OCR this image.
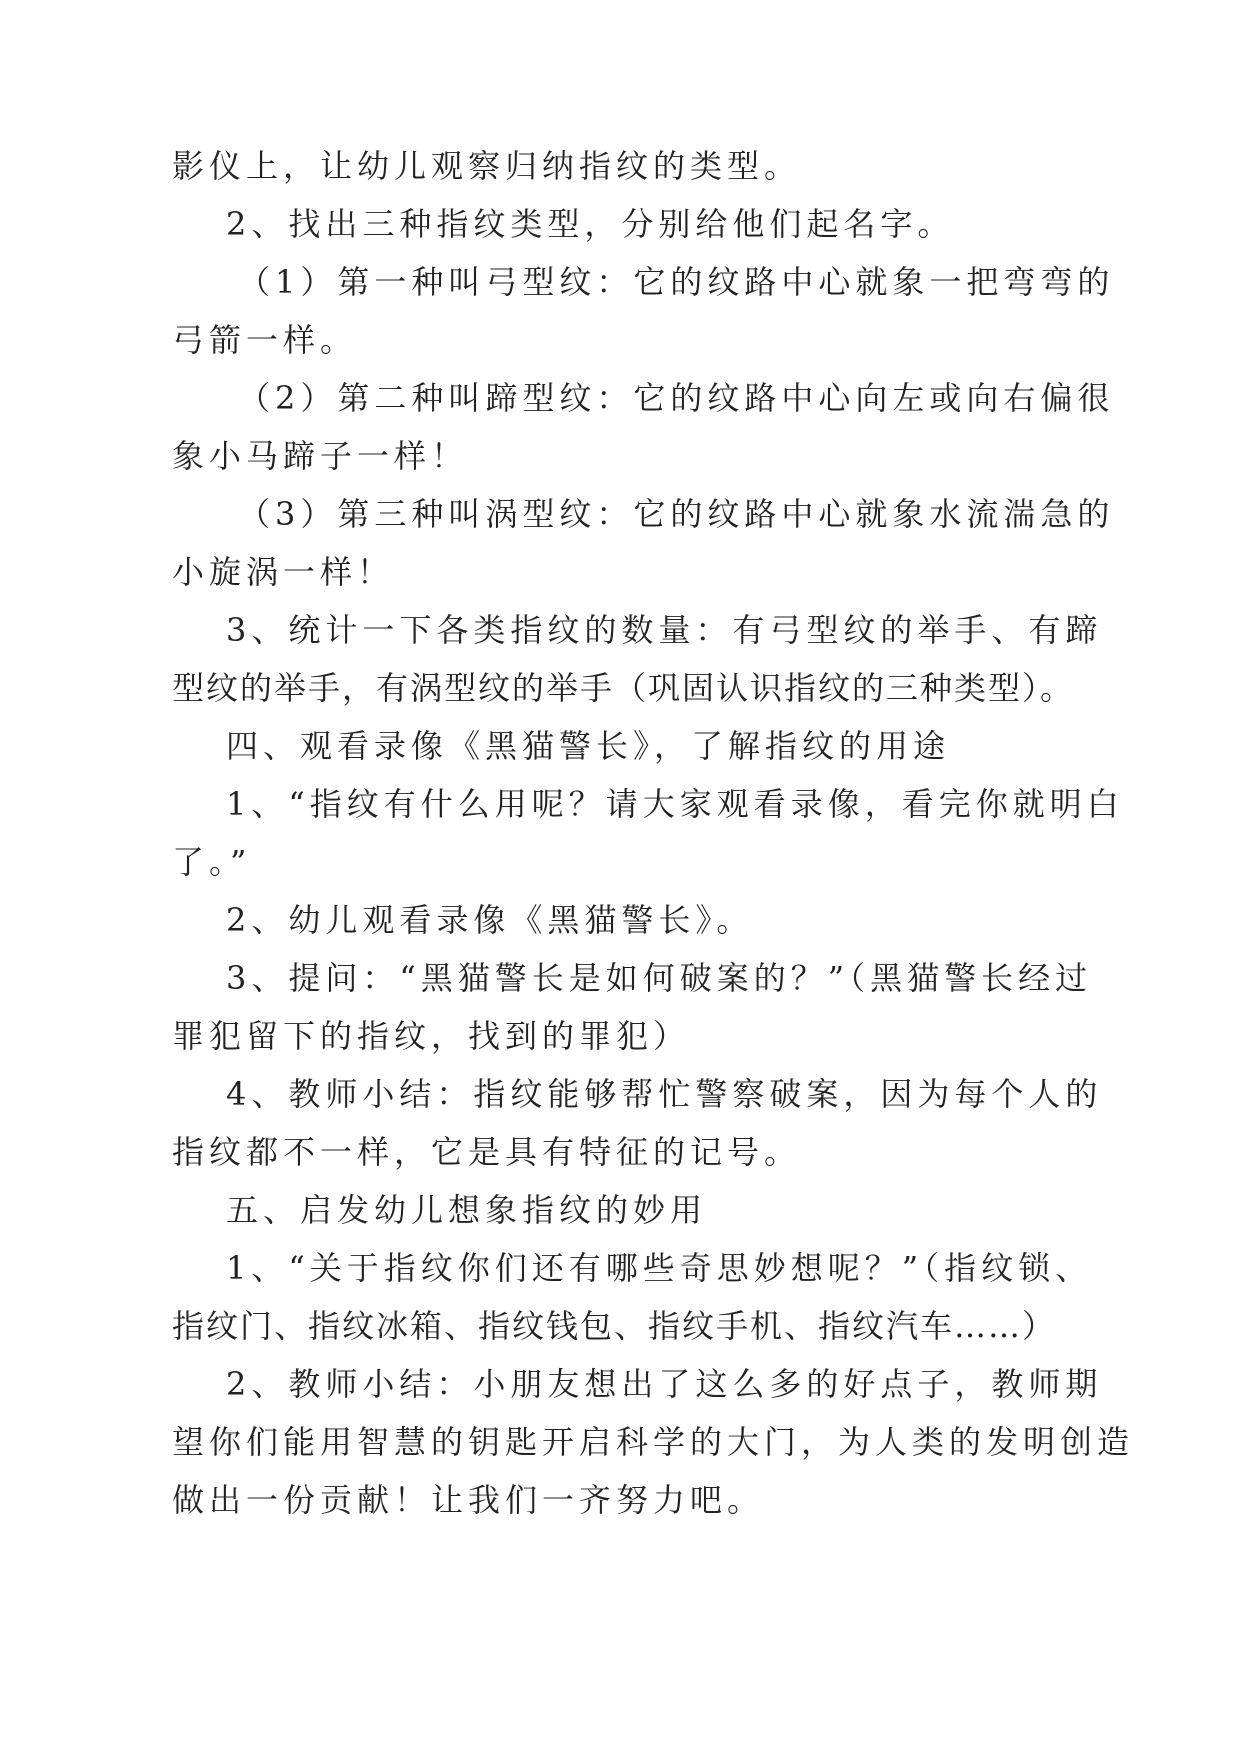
影仪上，让幼儿观察归纳指纹的类型。
2、找出三种指纹类型，分别给他们起名字。
（1）第一种叫弓型纹：它的纹路中心就象一把弯弯的
弓箭一样。
（2）第二种叫蹄型纹：它的纹路中心向左或向右偏很
象小马蹄子一样！
（3）第三种叫涡型纹：它的纹路中心就象水流湍急的
小旋涡一样！
3、统计一下各类指纹的数量：有弓型纹的举手、有蹄
型纹的举手，有涡型纹的举手（巩固认识指纹的三种类型）。
四、观看录像《黑猫警长》，了解指纹的用途
1、“指纹有什么用呢？请大家观看录像，看完你就明白
了。”
2、幼儿观看录像《黑猫警长》。
3、提问：“黑猫警长是如何破案的？”（黑猫警长经过
罪犯留下的指纹，找到的罪犯）
4、教师小结：指纹能够帮忙警察破案，因为每个人的
指纹都不一样，它是具有特征的记号。
五、启发幼儿想象指纹的妙用
1、“关于指纹你们还有哪些奇思妙想呢？”（指纹锁、
指纹门、指纹冰箱、指纹钱包、指纹手机、指纹汽车……）
2、教师小结：小朋友想出了这么多的好点子，教师期
望你们能用智慧的钥匙开启科学的大门，为人类的发明创造
做出一份贡献！让我们一齐努力吧。
